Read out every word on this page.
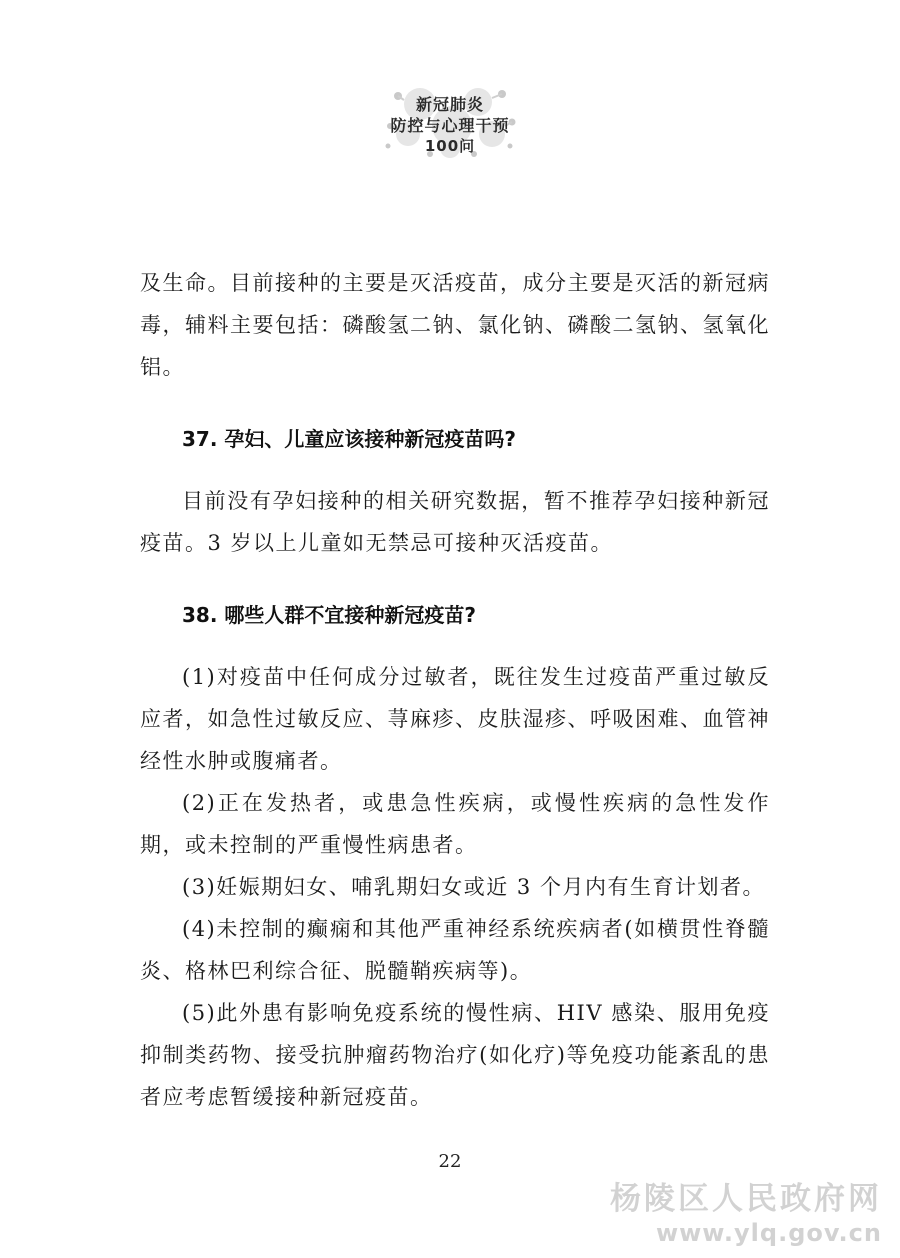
新冠肺炎
防控与心理干预
100问

及生命。目前接种的主要是灭活疫苗，成分主要是灭活的新冠病毒，辅料主要包括：磷酸氢二钠、氯化钠、磷酸二氢钠、氢氧化铝。

37. 孕妇、儿童应该接种新冠疫苗吗?

目前没有孕妇接种的相关研究数据，暂不推荐孕妇接种新冠疫苗。3 岁以上儿童如无禁忌可接种灭活疫苗。

38. 哪些人群不宜接种新冠疫苗?

(1)对疫苗中任何成分过敏者，既往发生过疫苗严重过敏反应者，如急性过敏反应、荨麻疹、皮肤湿疹、呼吸困难、血管神经性水肿或腹痛者。

(2)正在发热者，或患急性疾病，或慢性疾病的急性发作期，或未控制的严重慢性病患者。

(3)妊娠期妇女、哺乳期妇女或近 3 个月内有生育计划者。

(4)未控制的癫痫和其他严重神经系统疾病者(如横贯性脊髓炎、格林巴利综合征、脱髓鞘疾病等)。

(5)此外患有影响免疫系统的慢性病、HIV 感染、服用免疫抑制类药物、接受抗肿瘤药物治疗(如化疗)等免疫功能紊乱的患者应考虑暂缓接种新冠疫苗。

22
杨陵区人民政府网
www.ylq.gov.cn
